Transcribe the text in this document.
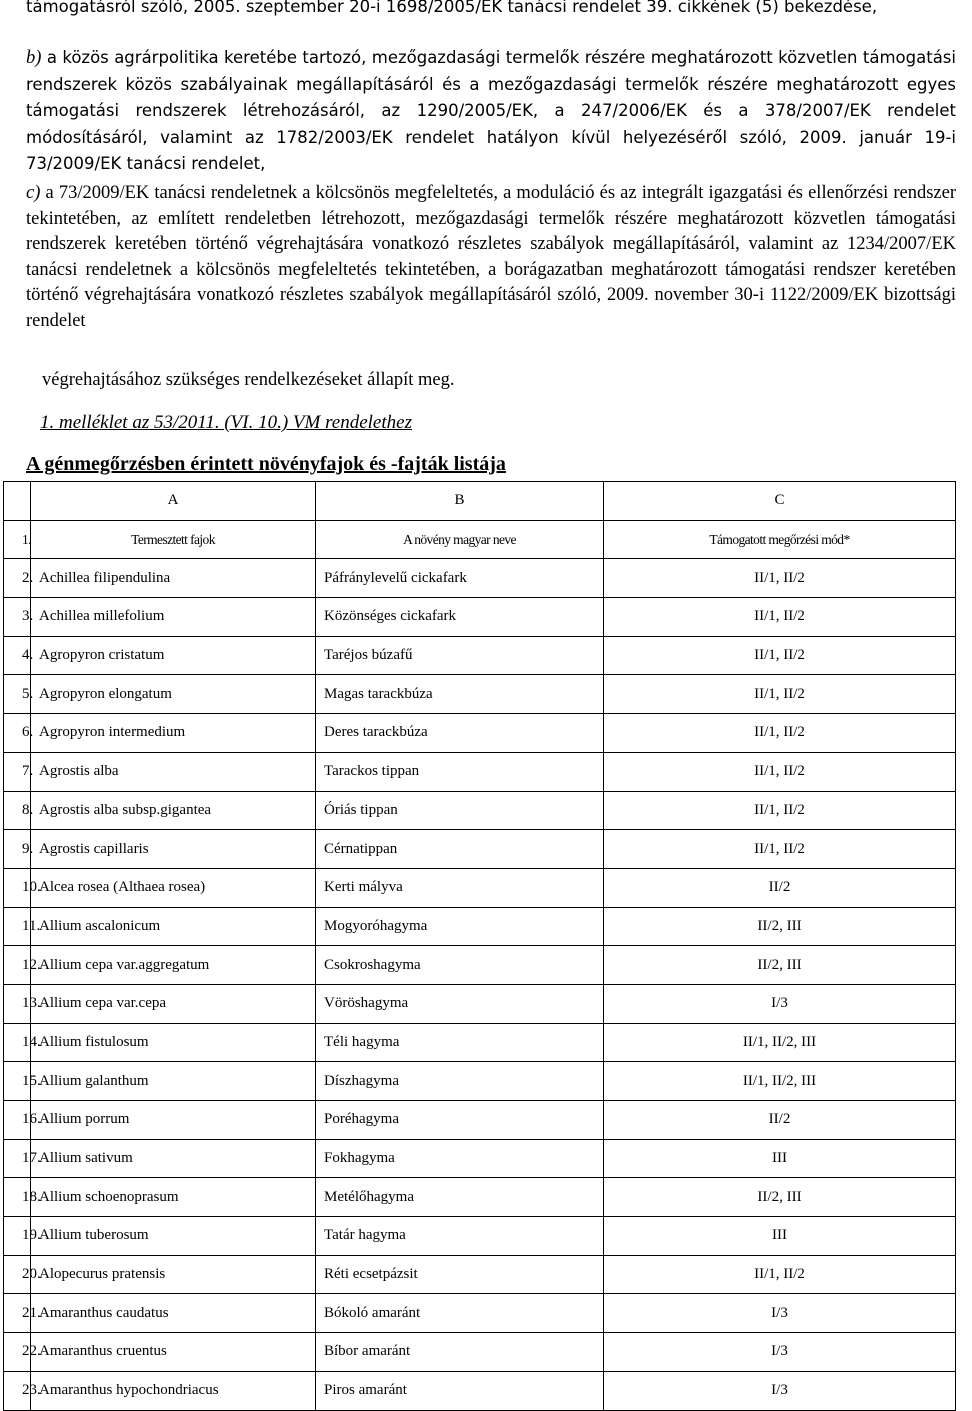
támogatásról szóló, 2005. szeptember 20-i 1698/2005/EK tanácsi rendelet 39. cikkének (5) bekezdése,
b) a közös agrárpolitika keretébe tartozó, mezőgazdasági termelők részére meghatározott közvetlen támogatási rendszerek közös szabályainak megállapításáról és a mezőgazdasági termelők részére meghatározott egyes támogatási rendszerek létrehozásáról, az 1290/2005/EK, a 247/2006/EK és a 378/2007/EK rendelet módosításáról, valamint az 1782/2003/EK rendelet hatályon kívül helyezéséről szóló, 2009. január 19-i 73/2009/EK tanácsi rendelet,
c) a 73/2009/EK tanácsi rendeletnek a kölcsönös megfeleltetés, a moduláció és az integrált igazgatási és ellenőrzési rendszer tekintetében, az említett rendeletben létrehozott, mezőgazdasági termelők részére meghatározott közvetlen támogatási rendszerek keretében történő végrehajtására vonatkozó részletes szabályok megállapításáról, valamint az 1234/2007/EK tanácsi rendeletnek a kölcsönös megfeleltetés tekintetében, a borágazatban meghatározott támogatási rendszer keretében történő végrehajtására vonatkozó részletes szabályok megállapításáról szóló, 2009. november 30-i 1122/2009/EK bizottsági rendelet
végrehajtásához szükséges rendelkezéseket állapít meg.
1. melléklet az 53/2011. (VI. 10.) VM rendelethez
A génmegőrzésben érintett növényfajok és -fajták listája
	A	B	C
1.	Termesztett fajok	A növény magyar neve	Támogatott megőrzési mód*
2.	Achillea filipendulina	Páfránylevelű cickafark	II/1, II/2
3.	Achillea millefolium	Közönséges cickafark	II/1, II/2
4.	Agropyron cristatum	Taréjos búzafű	II/1, II/2
5.	Agropyron elongatum	Magas tarackbúza	II/1, II/2
6.	Agropyron intermedium	Deres tarackbúza	II/1, II/2
7.	Agrostis alba	Tarackos tippan	II/1, II/2
8.	Agrostis alba subsp.gigantea	Óriás tippan	II/1, II/2
9.	Agrostis capillaris	Cérnatippan	II/1, II/2
10.	Alcea rosea (Althaea rosea)	Kerti mályva	II/2
11.	Allium ascalonicum	Mogyoróhagyma	II/2, III
12.	Allium cepa var.aggregatum	Csokroshagyma	II/2, III
13.	Allium cepa var.cepa	Vöröshagyma	I/3
14.	Allium fistulosum	Téli hagyma	II/1, II/2, III
15.	Allium galanthum	Díszhagyma	II/1, II/2, III
16.	Allium porrum	Poréhagyma	II/2
17.	Allium sativum	Fokhagyma	III
18.	Allium schoenoprasum	Metélőhagyma	II/2, III
19.	Allium tuberosum	Tatár hagyma	III
20.	Alopecurus pratensis	Réti ecsetpázsit	II/1, II/2
21.	Amaranthus caudatus	Bókoló amaránt	I/3
22.	Amaranthus cruentus	Bíbor amaránt	I/3
23.	Amaranthus hypochondriacus	Piros amaránt	I/3
